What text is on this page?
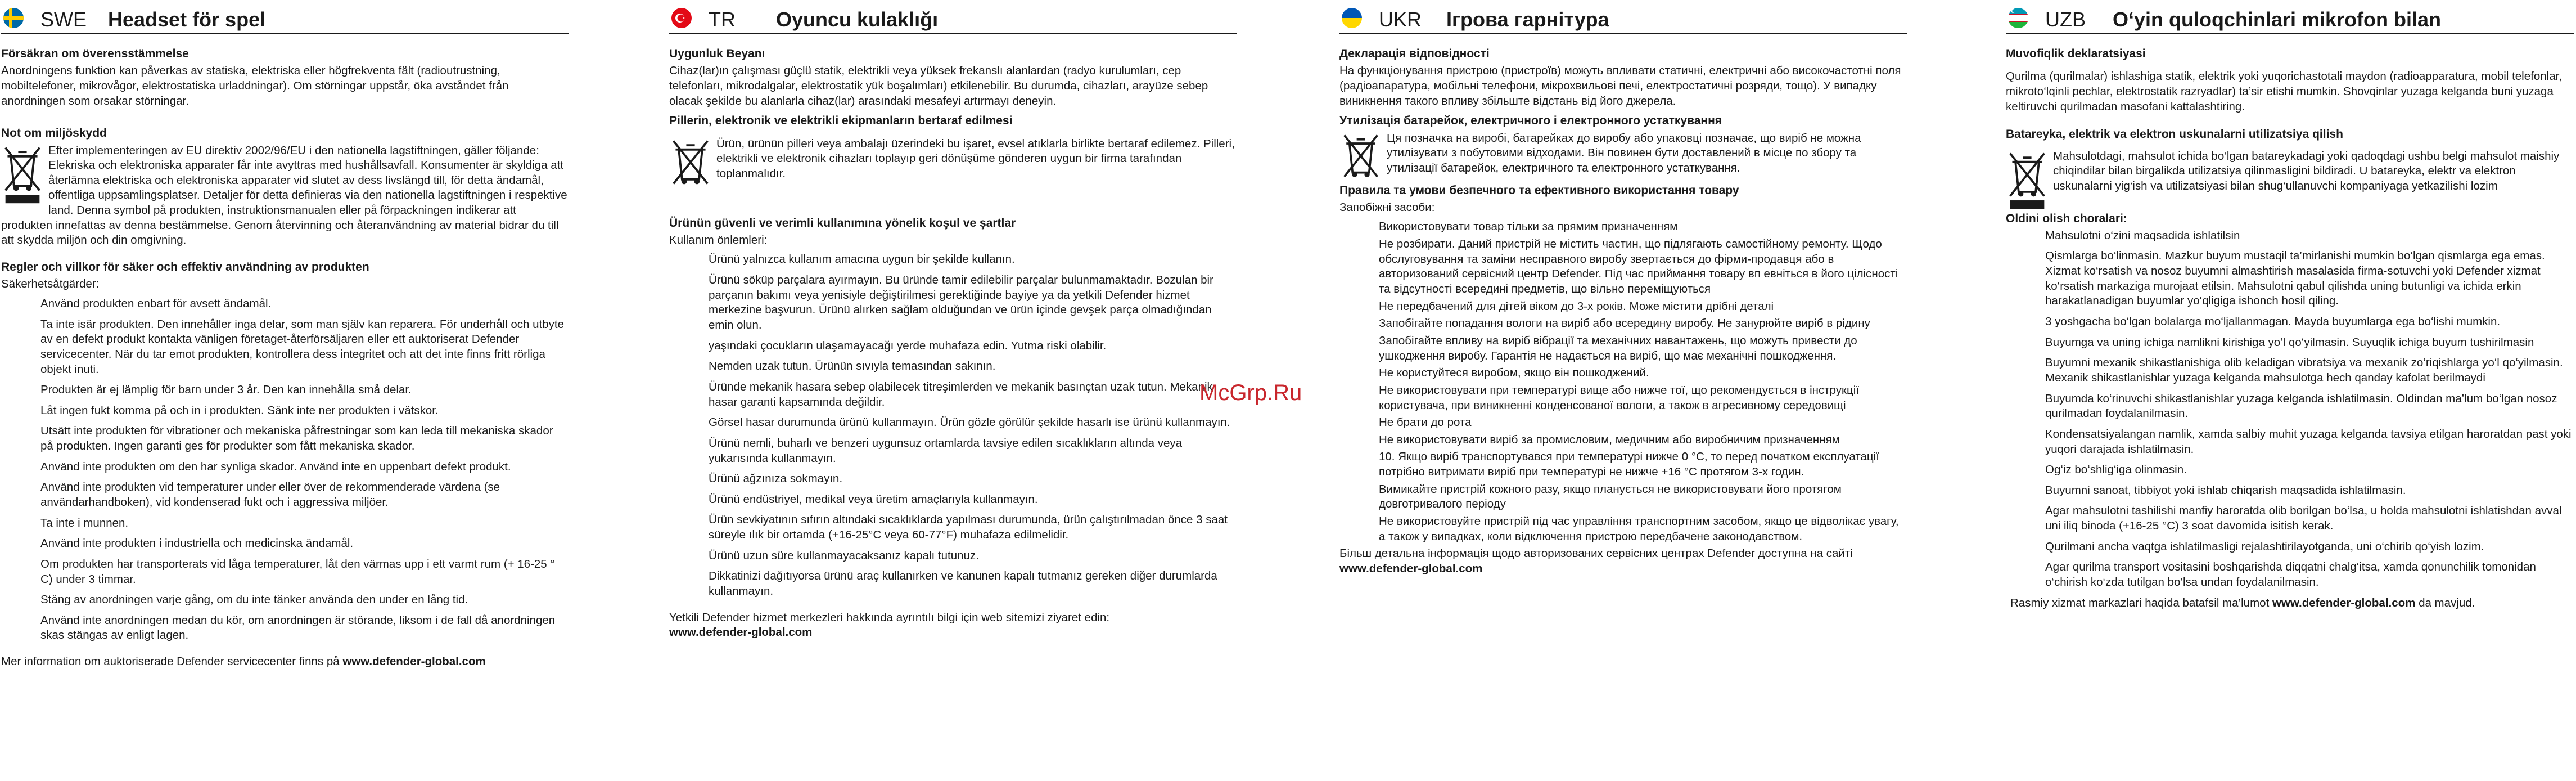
SWE Headset för spel
Försäkran om överensstämmelse

Anordningens funktion kan påverkas av statiska, elektriska eller högfrekventa fält (radioutrustning, mobiltelefoner, mikrovågor, elektrostatiska urladdningar). Om störningar uppstår, öka avståndet från anordningen som orsakar störningar.

Not om miljöskydd

Efter implementeringen av EU direktiv 2002/96/EU i den nationella lagstiftningen, gäller följande: Elekriska och elektroniska apparater får inte avyttras med hushållsavfall. Konsumenter är skyldiga att återlämna elektriska och elektroniska apparater vid slutet av dess livslängd till, för detta ändamål, offentliga uppsamlingsplatser. Detaljer för detta definieras via den nationella lagstiftningen i respektive land. Denna symbol på produkten, instruktionsmanualen eller på förpackningen indikerar att produkten innefattas av denna bestämmelse. Genom återvinning och återanvändning av material bidrar du till att skydda miljön och din omgivning.

Regler och villkor för säker och effektiv användning av produkten

Säkerhetsåtgärder:

Använd produkten enbart för avsett ändamål.

Ta inte isär produkten. Den innehåller inga delar, som man själv kan reparera. För underhåll och utbyte av en defekt produkt kontakta vänligen företaget-återförsäljaren eller ett auktoriserat Defender servicecenter. När du tar emot produkten, kontrollera dess integritet och att det inte finns fritt rörliga objekt inuti.

Produkten är ej lämplig för barn under 3 år. Den kan innehålla små delar.

Låt ingen fukt komma på och in i produkten. Sänk inte ner produkten i vätskor.

Utsätt inte produkten för vibrationer och mekaniska påfrestningar som kan leda till mekaniska skador på produkten. Ingen garanti ges för produkter som fått mekaniska skador.

Använd inte produkten om den har synliga skador. Använd inte en uppenbart defekt produkt.

Använd inte produkten vid temperaturer under eller över de rekommenderade värdena (se användarhandboken), vid kondenserad fukt och i aggressiva miljöer.

Ta inte i munnen.

Använd inte produkten i industriella och medicinska ändamål.

Om produkten har transporterats vid låga temperaturer, låt den värmas upp i ett varmt rum (+ 16-25 ° C) under 3 timmar.

Stäng av anordningen varje gång, om du inte tänker använda den under en lång tid.

Använd inte anordningen medan du kör, om anordningen är störande, liksom i de fall då anordningen skas stängas av enligt lagen.

Mer information om auktoriserade Defender servicecenter finns på www.defender-global.com

TR Oyuncu kulaklığı
Uygunluk Beyanı

Cihaz(lar)ın çalışması güçlü statik, elektrikli veya yüksek frekanslı alanlardan (radyo kurulumları, cep telefonları, mikrodalgalar, elektrostatik yük boşalımları) etkilenebilir. Bu durumda, cihazları, arayüze sebep olacak şekilde bu alanlarla cihaz(lar) arasındaki mesafeyi artırmayı deneyin.

Pillerin, elektronik ve elektrikli ekipmanların bertaraf edilmesi

Ürün, ürünün pilleri veya ambalajı üzerindeki bu işaret, evsel atıklarla birlikte bertaraf edilemez. Pilleri, elektrikli ve elektronik cihazları toplayıp geri dönüşüme gönderen uygun bir firma tarafından toplanmalıdır.

Ürünün güvenli ve verimli kullanımına yönelik koşul ve şartlar

Kullanım önlemleri:

Ürünü yalnızca kullanım amacına uygun bir şekilde kullanın.

Ürünü söküp parçalara ayırmayın. Bu üründe tamir edilebilir parçalar bulunmamaktadır. Bozulan bir parçanın bakımı veya yenisiyle değiştirilmesi gerektiğinde bayiye ya da yetkili Defender hizmet merkezine başvurun. Ürünü alırken sağlam olduğundan ve ürün içinde gevşek parça olmadığından emin olun.

yaşındaki çocukların ulaşamayacağı yerde muhafaza edin. Yutma riski olabilir.

Nemden uzak tutun. Ürünün sıvıyla temasından sakının.

Üründe mekanik hasara sebep olabilecek titreşimlerden ve mekanik basınçtan uzak tutun. Mekanik hasar garanti kapsamında değildir.

Görsel hasar durumunda ürünü kullanmayın. Ürün gözle görülür şekilde hasarlı ise ürünü kullanmayın.

Ürünü nemli, buharlı ve benzeri uygunsuz ortamlarda tavsiye edilen sıcaklıkların altında veya yukarısında kullanmayın.

Ürünü ağzınıza sokmayın.

Ürünü endüstriyel, medikal veya üretim amaçlarıyla kullanmayın.

Ürün sevkiyatının sıfırın altındaki sıcaklıklarda yapılması durumunda, ürün çalıştırılmadan önce 3 saat süreyle ılık bir ortamda (+16-25°C veya 60-77°F) muhafaza edilmelidir.

Ürünü uzun süre kullanmayacaksanız kapalı tutunuz.

Dikkatinizi dağıtıyorsa ürünü araç kullanırken ve kanunen kapalı tutmanız gereken diğer durumlarda kullanmayın.

Yetkili Defender hizmet merkezleri hakkında ayrıntılı bilgi için web sitemizi ziyaret edin:
www.defender-global.com

UKR Ігрова гарнітура
Декларація відповідності

На функціонування пристрою (пристроїв) можуть впливати статичні, електричні або високочастотні поля (радіоапаратура, мобільні телефони, мікрохвильові печі, електростатичні розряди, тощо). У випадку виникнення такого впливу збільште відстань від його джерела.

Утилізація батарейок, електричного і електронного устаткування

Ця позначка на виробі, батарейках до виробу або упаковці позначає, що виріб не можна утилізувати з побутовими відходами. Він повинен бути доставлений в місце по збору та утилізації батарейок, електричного та електронного устаткування.

Правила та умови безпечного та ефективного використання товару

Запобіжні засоби:

Використовувати товар тільки за прямим призначенням

Не розбирати. Даний пристрій не містить частин, що підлягають самостійному ремонту. Щодо обслуговування та заміни несправного виробу звертається до фірми-продавця або в авторизований сервісний центр Defender. Під час приймання товару вп евніться в його цілісності та відсутності всередині предметів, що вільно переміщуються

Не передбачений для дітей віком до 3-х років. Може містити дрібні деталі

Запобігайте попадання вологи на виріб або всередину виробу. Не занурюйте виріб в рідину

Запобігайте впливу на виріб вібрації та механічних навантажень, що можуть привести до ушкодження виробу. Гарантія не надається на виріб, що має механічні пошкодження.

Не користуйтеся виробом, якщо він пошкоджений.

Не використовувати при температурі вище або нижче тої, що рекомендується в інструкції користувача, при виникненні конденсованої вологи, а також в агресивному середовищі

Не брати до рота

Не використовувати виріб за промисловим, медичним або виробничим призначенням

10. Якщо виріб транспортувався при температурі нижче 0 °С, то перед початком експлуатації потрібно витримати виріб при температурі не нижче +16 °С протягом 3-х годин.

Вимикайте пристрій кожного разу, якщо планується не використовувати його протягом довготривалого періоду

Не використовуйте пристрій під час управління транспортним засобом, якщо це відволікає увагу, а також у випадках, коли відключення пристрою передбачене законодавством.

Більш детальна інформація щодо авторизованих сервісних центрах Defender доступна на сайті www.defender-global.com

UZB O‘yin quloqchinlari mikrofon bilan
Muvofiqlik deklaratsiyasi

Qurilma (qurilmalar) ishlashiga statik, elektrik yoki yuqorichastotali maydon (radioapparatura, mobil telefonlar, mikroto‘lqinli pechlar, elektrostatik razryadlar) ta’sir etishi mumkin. Shovqinlar yuzaga kelganda buni yuzaga keltiruvchi qurilmadan masofani kattalashtiring.

Batareyka, elektrik va elektron uskunalarni utilizatsiya qilish

Mahsulotdagi, mahsulot ichida bo‘lgan batareykadagi yoki qadoqdagi ushbu belgi mahsulot maishiy chiqindilar bilan birgalikda utilizatsiya qilinmasligini bildiradi. U batareyka, elektr va elektron uskunalarni yig‘ish va utilizatsiyasi bilan shug‘ullanuvchi kompaniyaga yetkazilishi lozim

Oldini olish choralari:

Mahsulotni o‘zini maqsadida ishlatilsin

Qismlarga bo‘linmasin. Mazkur buyum mustaqil ta’mirlanishi mumkin bo‘lgan qismlarga ega emas. Xizmat ko‘rsatish va nosoz buyumni almashtirish masalasida firma-sotuvchi yoki Defender xizmat ko‘rsatish markaziga murojaat etilsin. Mahsulotni qabul qilishda uning butunligi va ichida erkin harakatlanadigan buyumlar yo‘qligiga ishonch hosil qiling.

3 yoshgacha bo‘lgan bolalarga mo‘ljallanmagan. Mayda buyumlarga ega bo‘lishi mumkin.

Buyumga va uning ichiga namlikni kirishiga yo‘l qo‘yilmasin. Suyuqlik ichiga buyum tushirilmasin

Buyumni mexanik shikastlanishiga olib keladigan vibratsiya va mexanik zo‘riqishlarga yo‘l qo‘yilmasin. Mexanik shikastlanishlar yuzaga kelganda mahsulotga hech qanday kafolat berilmaydi

Buyumda ko‘rinuvchi shikastlanishlar yuzaga kelganda ishlatilmasin. Oldindan ma’lum bo‘lgan nosoz qurilmadan foydalanilmasin.

Kondensatsiyalangan namlik, xamda salbiy muhit yuzaga kelganda tavsiya etilgan haroratdan past yoki yuqori darajada ishlatilmasin.

Og‘iz bo‘shlig‘iga olinmasin.

Buyumni sanoat, tibbiyot yoki ishlab chiqarish maqsadida ishlatilmasin.

Agar mahsulotni tashilishi manfiy haroratda olib borilgan bo‘lsa, u holda mahsulotni ishlatishdan avval uni iliq binoda (+16-25 °C) 3 soat davomida isitish kerak.

Qurilmani ancha vaqtga ishlatilmasligi rejalashtirilayotganda, uni o‘chirib qo‘yish lozim.

Agar qurilma transport vositasini boshqarishda diqqatni chalg‘itsa, xamda qonunchilik tomonidan o‘chirish ko‘zda tutilgan bo‘lsa undan foydalanilmasin.

Rasmiy xizmat markazlari haqida batafsil ma’lumot www.defender-global.com da mavjud.

McGrp.Ru
